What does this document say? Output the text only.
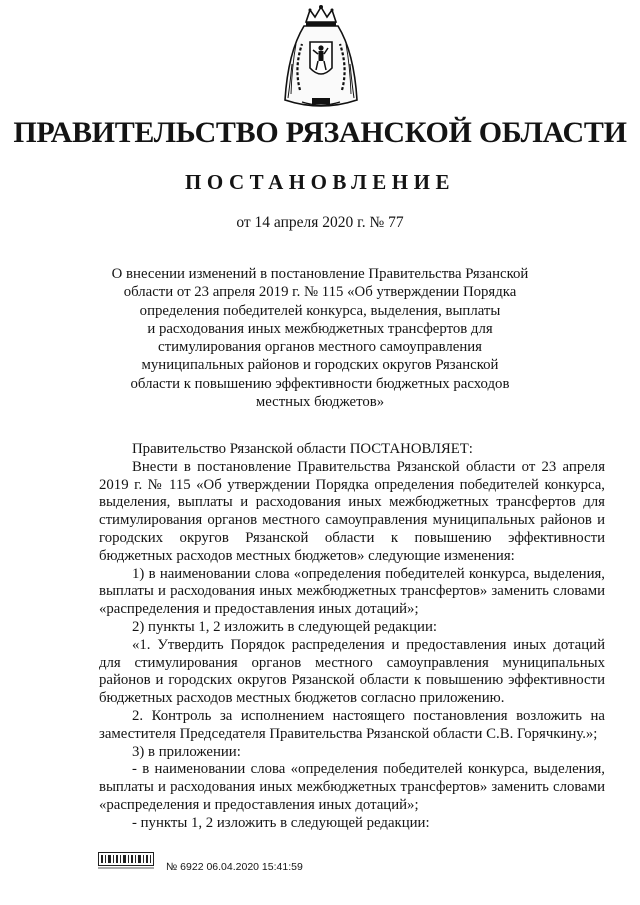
ПРАВИТЕЛЬСТВО РЯЗАНСКОЙ ОБЛАСТИ
ПОСТАНОВЛЕНИЕ
от 14 апреля 2020 г. № 77
О внесении изменений в постановление Правительства Рязанской
области от 23 апреля 2019 г. № 115 «Об утверждении Порядка
определения победителей конкурса, выделения, выплаты
и расходования иных межбюджетных трансфертов для
стимулирования органов местного самоуправления
муниципальных районов и городских округов Рязанской
области к повышению эффективности бюджетных расходов
местных бюджетов»
Правительство Рязанской области ПОСТАНОВЛЯЕТ:
Внести в постановление Правительства Рязанской области от 23 апреля 2019 г. № 115 «Об утверждении Порядка определения победителей конкурса, выделения, выплаты и расходования иных межбюджетных трансфертов для стимулирования органов местного самоуправления муниципальных районов и городских округов Рязанской области к повышению эффективности бюджетных расходов местных бюджетов» следующие изменения:
1) в наименовании слова «определения победителей конкурса, выделения, выплаты и расходования иных межбюджетных трансфертов» заменить словами «распределения и предоставления иных дотаций»;
2) пункты 1, 2 изложить в следующей редакции:
«1. Утвердить Порядок распределения и предоставления иных дотаций для стимулирования органов местного самоуправления муниципальных районов и городских округов Рязанской области к повышению эффективности бюджетных расходов местных бюджетов согласно приложению.
2. Контроль за исполнением настоящего постановления возложить на заместителя Председателя Правительства Рязанской области С.В. Горячкину.»;
3) в приложении:
- в наименовании слова «определения победителей конкурса, выделения, выплаты и расходования иных межбюджетных трансфертов» заменить словами «распределения и предоставления иных дотаций»;
- пункты 1, 2 изложить в следующей редакции:
№ 6922 06.04.2020 15:41:59
